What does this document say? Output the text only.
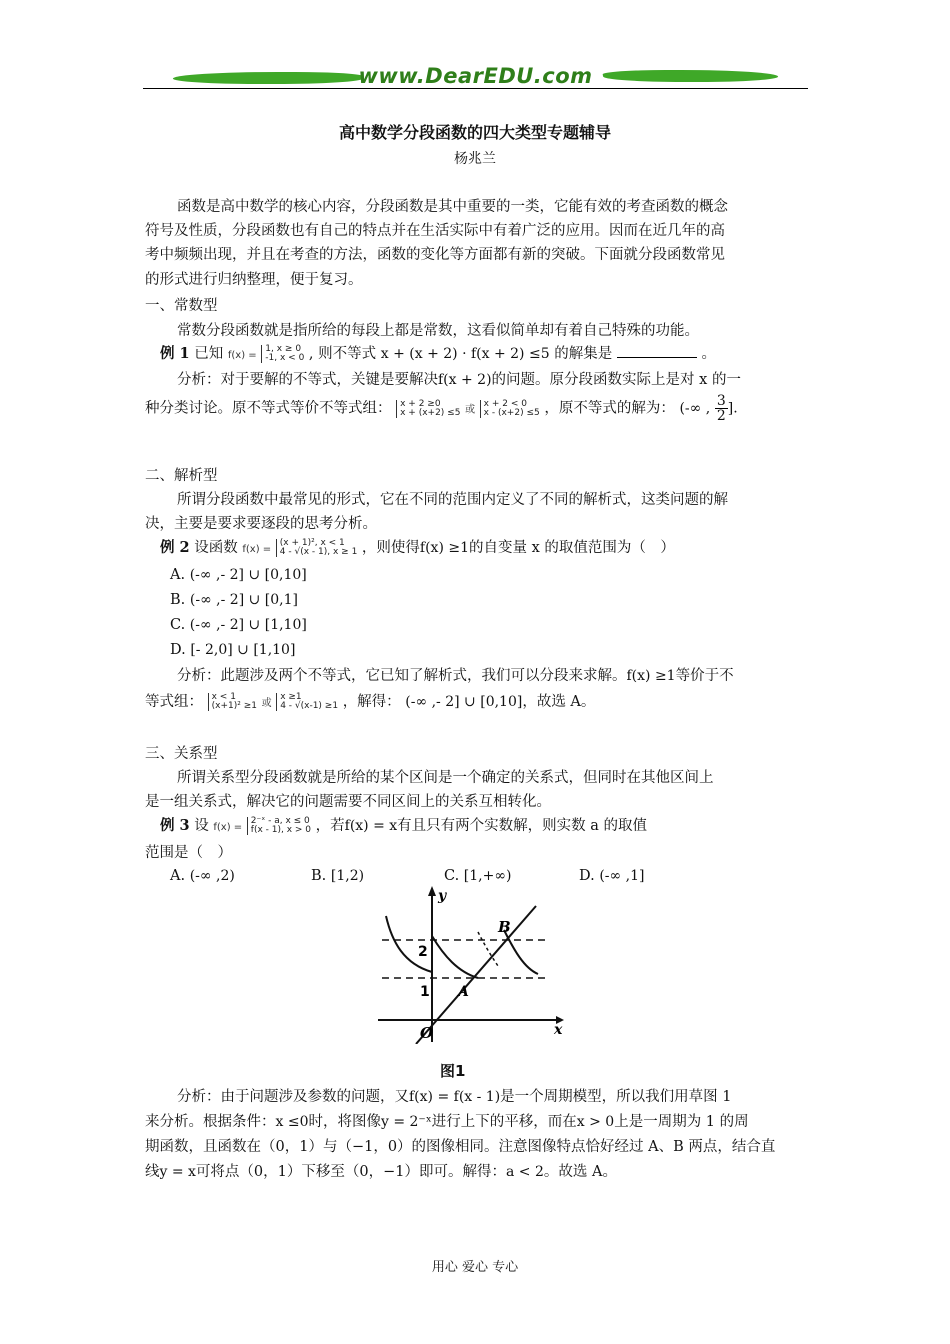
www.DearEDU.com
高中数学分段函数的四大类型专题辅导
杨兆兰
函数是高中数学的核心内容，分段函数是其中重要的一类，它能有效的考查函数的概念
符号及性质，分段函数也有自己的特点并在生活实际中有着广泛的应用。因而在近几年的高
考中频频出现，并且在考查的方法，函数的变化等方面都有新的突破。下面就分段函数常见
的形式进行归纳整理，便于复习。
一、常数型
常数分段函数就是指所给的每段上都是常数，这看似简单却有着自己特殊的功能。
例 1 已知 f(x) = 1, x ≥ 0
-1, x < 0 , 则不等式 x + (x + 2) · f(x + 2) ≤5 的解集是	。
分析：对于要解的不等式，关键是要解决f(x + 2)的问题。原分段函数实际上是对 x 的一
种分类讨论。原不等式等价不等式组： x + 2 ≥0
x + (x+2) ≤5 或 x + 2 < 0
x - (x+2) ≤5 ，原不等式的解为： (-∞ , $\frac{3}{2}$ ].
二、解析型
所谓分段函数中最常见的形式，它在不同的范围内定义了不同的解析式，这类问题的解
决，主要是要求要逐段的思考分析。
例 2 设函数 f(x) = (x + 1)², x < 1
4 - √(x - 1), x ≥ 1 ，则使得f(x) ≥1的自变量 x 的取值范围为（　）
A. (-∞ ,- 2] ∪ [0,10]
B. (-∞ ,- 2] ∪ [0,1]
C. (-∞ ,- 2] ∪ [1,10]
D. [- 2,0] ∪ [1,10]
分析：此题涉及两个不等式，它已知了解析式，我们可以分段来求解。f(x) ≥1等价于不
等式组： x < 1
(x+1)² ≥1 或 x ≥1
4 - √(x-1) ≥1 ，解得： (-∞ ,- 2] ∪ [0,10]，故选 A。
三、关系型
所谓关系型分段函数就是所给的某个区间是一个确定的关系式，但同时在其他区间上
是一组关系式，解决它的问题需要不同区间上的关系互相转化。
例 3 设 f(x) = 2⁻ˣ - a, x ≤ 0
f(x - 1), x > 0 ，若f(x) = x有且只有两个实数解，则实数 a 的取值
范围是（　）
A. (-∞ ,2)	B. [1,2)	C. [1,+∞)	D. (-∞ ,1]
y
x
O
2
1 A
B
图1
分析：由于问题涉及参数的问题，又f(x) = f(x - 1)是一个周期模型，所以我们用草图 1
来分析。根据条件：x ≤0时，将图像y = 2⁻ˣ进行上下的平移，而在x > 0上是一周期为 1 的周
期函数，且函数在（0，1）与（−1，0）的图像相同。注意图像特点恰好经过 A、B 两点，结合直
线y = x可将点（0，1）下移至（0，−1）即可。解得：a < 2。故选 A。
用心 爱心 专心
